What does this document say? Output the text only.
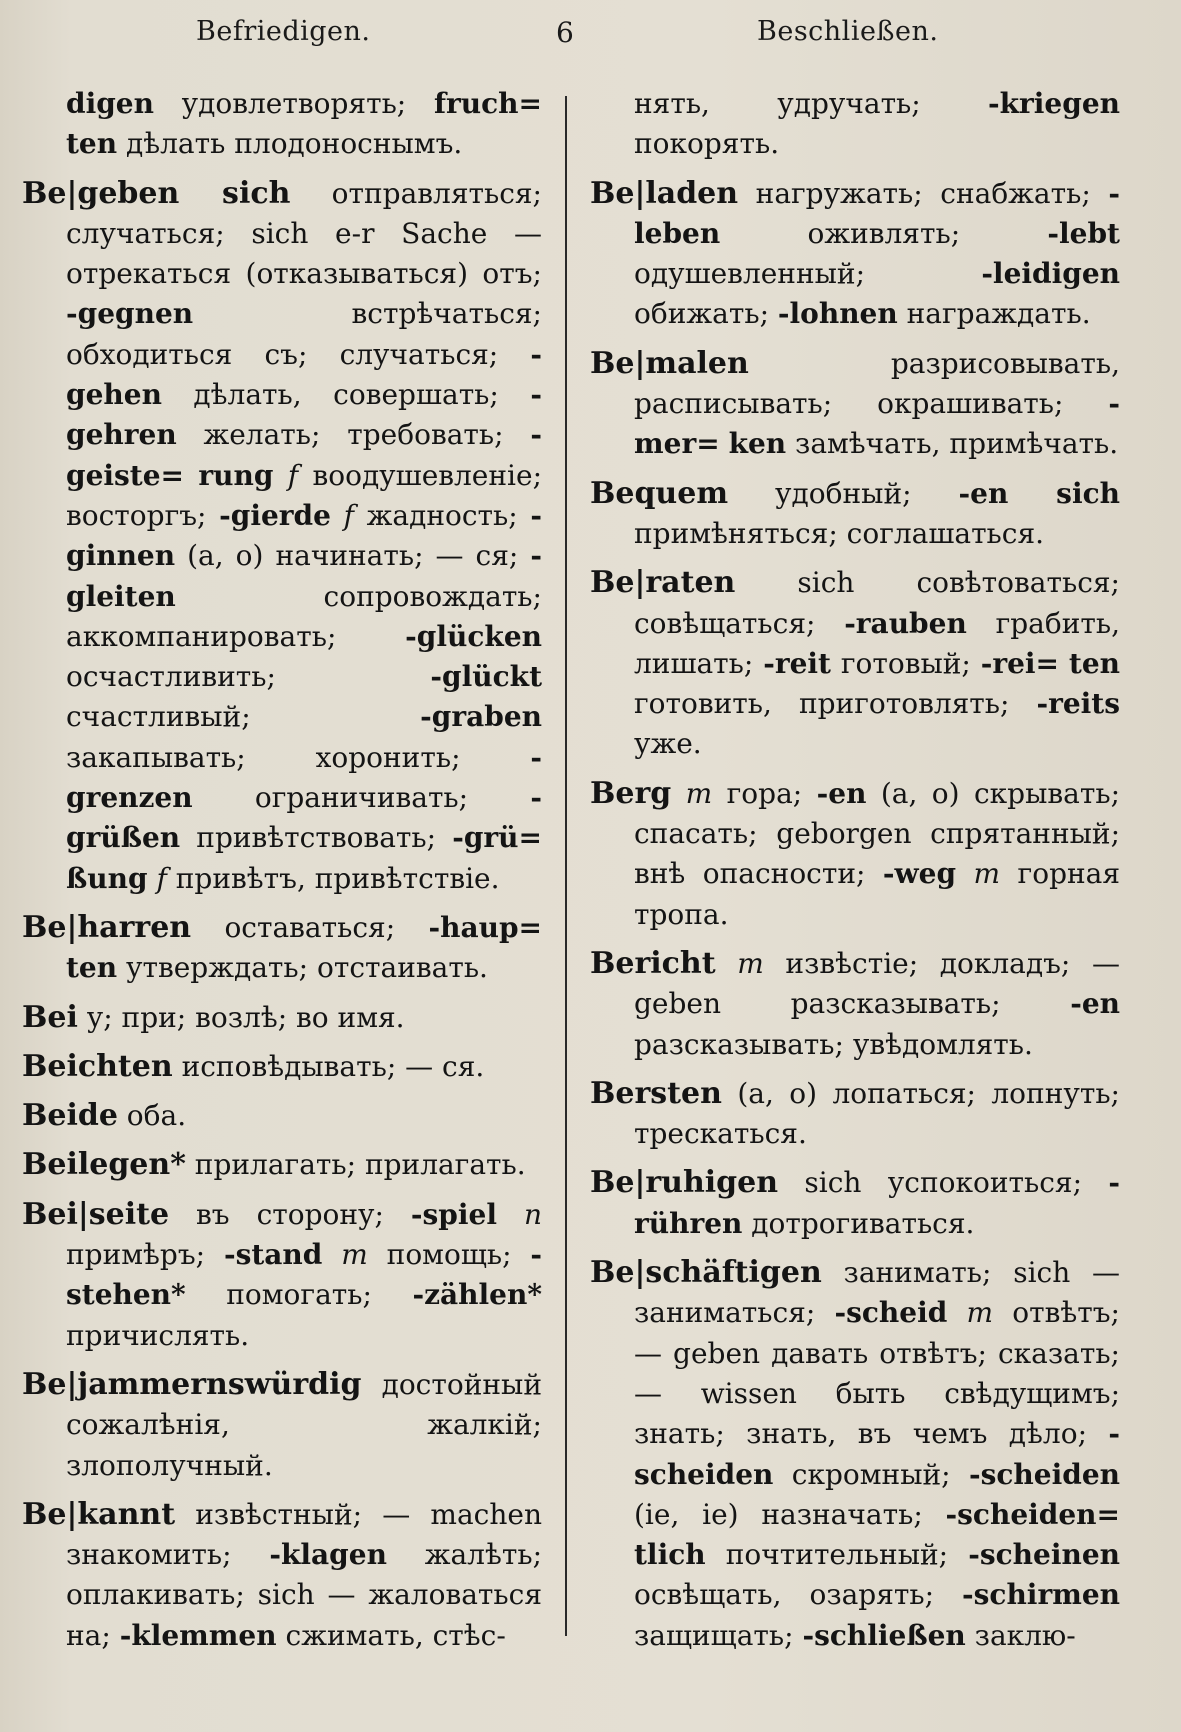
Befriedigen.	6	Beschließen.

digen удовлетворять; fruch= ten дѣлать плодоноснымъ.

Be|geben sich отправляться; случаться; sich e-r Sache — отрекаться (отказываться) отъ; -gegnen встрѣчаться; обходиться съ; случаться; -gehen дѣлать, совершать; -gehren желать; требовать; -geiste= rung f воодушевленiе; восторгъ; -gierde f жадность; -ginnen (a, o) начинать; — ся; -gleiten сопровождать; аккомпанировать; -glücken осчастливить; -glückt счастливый; -graben закапывать; хоронить; -grenzen ограничивать; -grüßen привѣтствовать; -grü= ßung f привѣтъ, привѣтствiе.

Be|harren оставаться; -haup= ten утверждать; отстаивать.

Bei у; при; возлѣ; во имя.

Beichten исповѣдывать; — ся.

Beide оба.

Beilegen* прилагать; прилагать.

Bei|seite въ сторону; -spiel n примѣръ; -stand m помощь; -stehen* помогать; -zählen* причислять.

Be|jammernswürdig достойный сожалѣнiя, жалкiй; злополучный.

Be|kannt извѣстный; — machen знакомить; -klagen жалѣть; оплакивать; sich — жаловаться на; -klemmen сжимать, стѣс-

нять, удручать; -kriegen покорять.

Be|laden нагружать; снабжать; -leben оживлять; -lebt одушевленный; -leidigen обижать; -lohnen награждать.

Be|malen разрисовывать, расписывать; окрашивать; -mer= ken замѣчать, примѣчать.

Bequem удобный; -en sich примѣняться; соглашаться.

Be|raten sich совѣтоваться; совѣщаться; -rauben грабить, лишать; -reit готовый; -rei= ten готовить, приготовлять; -reits уже.

Berg m гора; -en (a, o) скрывать; спасать; geborgen спрятанный; внѣ опасности; -weg m горная тропа.

Bericht m извѣстiе; докладъ; — geben разсказывать; -en разсказывать; увѣдомлять.

Bersten (a, o) лопаться; лопнуть; трескаться.

Be|ruhigen sich успокоиться; -rühren дотрогиваться.

Be|schäftigen занимать; sich — заниматься; -scheid m отвѣтъ; — geben давать отвѣтъ; сказать; — wissen быть свѣдущимъ; знать; знать, въ чемъ дѣло; -scheiden скромный; -scheiden (ie, ie) назначать; -scheiden= tlich почтительный; -scheinen освѣщать, озарять; -schirmen защищать; -schließen заклю-
